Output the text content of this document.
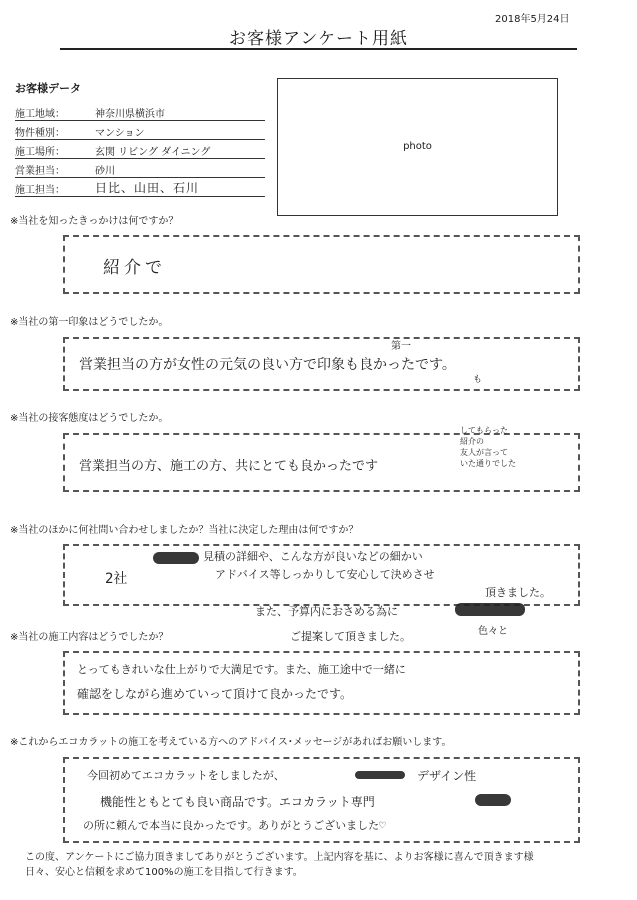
2018年5月24日
お客様アンケート用紙
お客様データ
施工地域：	神奈川県横浜市
物件種別：	マンション
施工場所：	玄関 リビング ダイニング
営業担当：	砂川
施工担当：	日比、山田、石川
photo
※当社を知ったきっかけは何ですか？
紹介で
※当社の第一印象はどうでしたか。
第一
営業担当の方が女性の元気の良い方で印象も良かったです。
も
※当社の接客態度はどうでしたか。
営業担当の方、施工の方、共にとても良かったです
してもらった
紹介の
友人が言って
いた通りでした
※当社のほかに何社問い合わせしましたか？当社に決定した理由は何ですか？
2社
見積の詳細や、こんな方が良いなどの細かい
アドバイス等しっかりして安心して決めさせ
頂きました。
また、予算内におさめる為に
色々と
ご提案して頂きました。
※当社の施工内容はどうでしたか？
とってもきれいな仕上がりで大満足です。また、施工途中で一緒に
確認をしながら進めていって頂けて良かったです。
※これからエコカラットの施工を考えている方へのアドバイス･メッセージがあればお願いします。
今回初めてエコカラットをしましたが、	デザイン性
機能性ともとても良い商品です。エコカラット専門
の所に頼んで本当に良かったです。ありがとうございました♡
この度、アンケートにご協力頂きましてありがとうございます。上記内容を基に、よりお客様に喜んで頂きます様
日々、安心と信頼を求めて100%の施工を目指して行きます。
